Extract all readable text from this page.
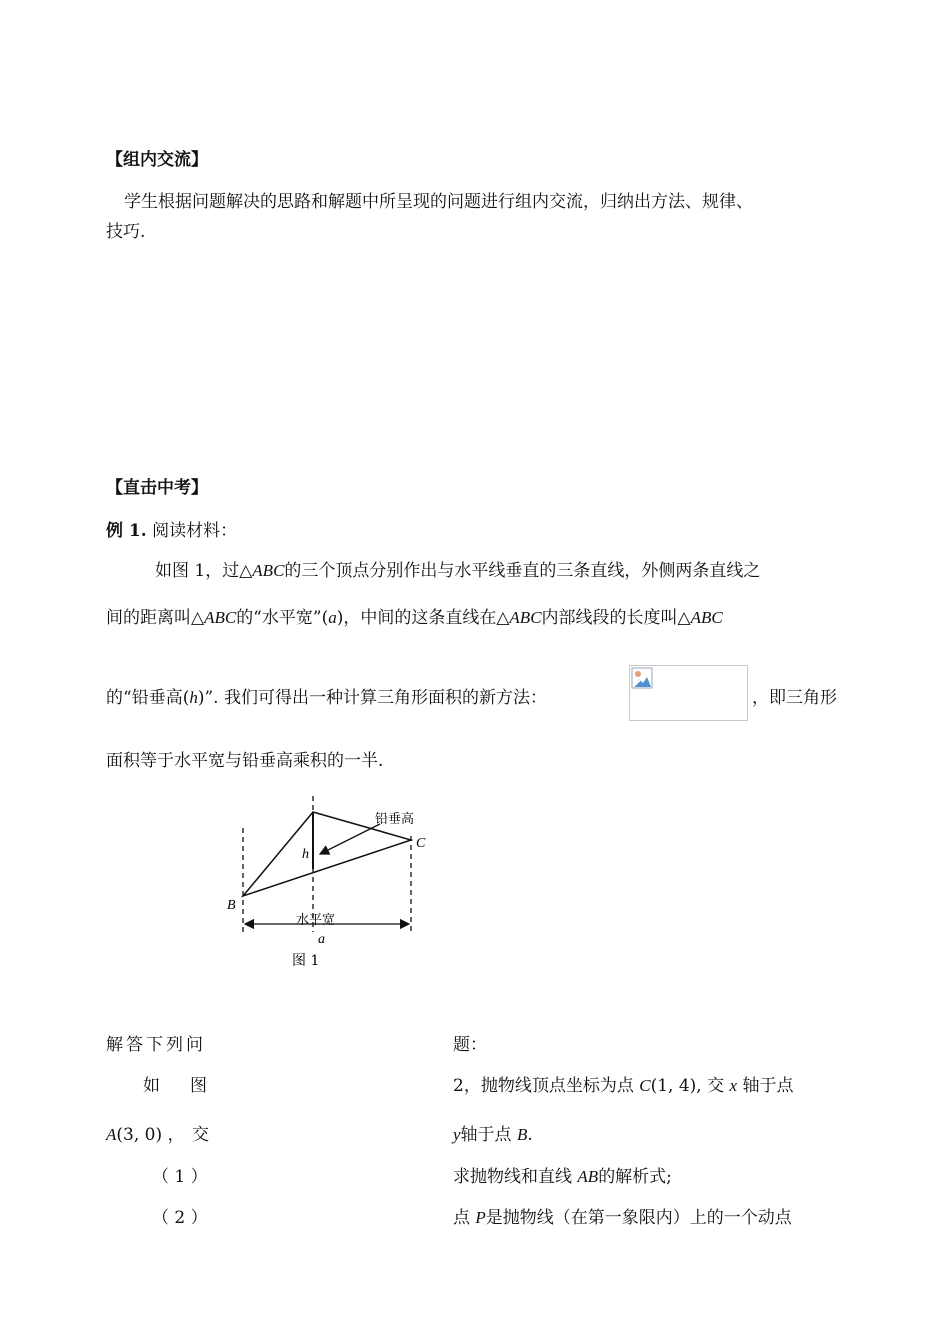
【组内交流】
学生根据问题解决的思路和解题中所呈现的问题进行组内交流，归纳出方法、规律、
技巧.
【直击中考】
例 1. 阅读材料：
如图 1，过△ABC的三个顶点分别作出与水平线垂直的三条直线，外侧两条直线之
间的距离叫△ABC的“水平宽”(a)，中间的这条直线在△ABC内部线段的长度叫△ABC
的“铅垂高(h)”. 我们可得出一种计算三角形面积的新方法：	，即三角形
面积等于水平宽与铅垂高乘积的一半.
铅垂高
h
C
B
水平宽
a
图 1
解答下列问
如 图
A(3, 0) ， 交
（ 1 ）
（ 2 ）
题：
2，抛物线顶点坐标为点 C(1, 4), 交 x 轴于点
y轴于点 B.
求抛物线和直线 AB的解析式;
点 P是抛物线（在第一象限内）上的一个动点
